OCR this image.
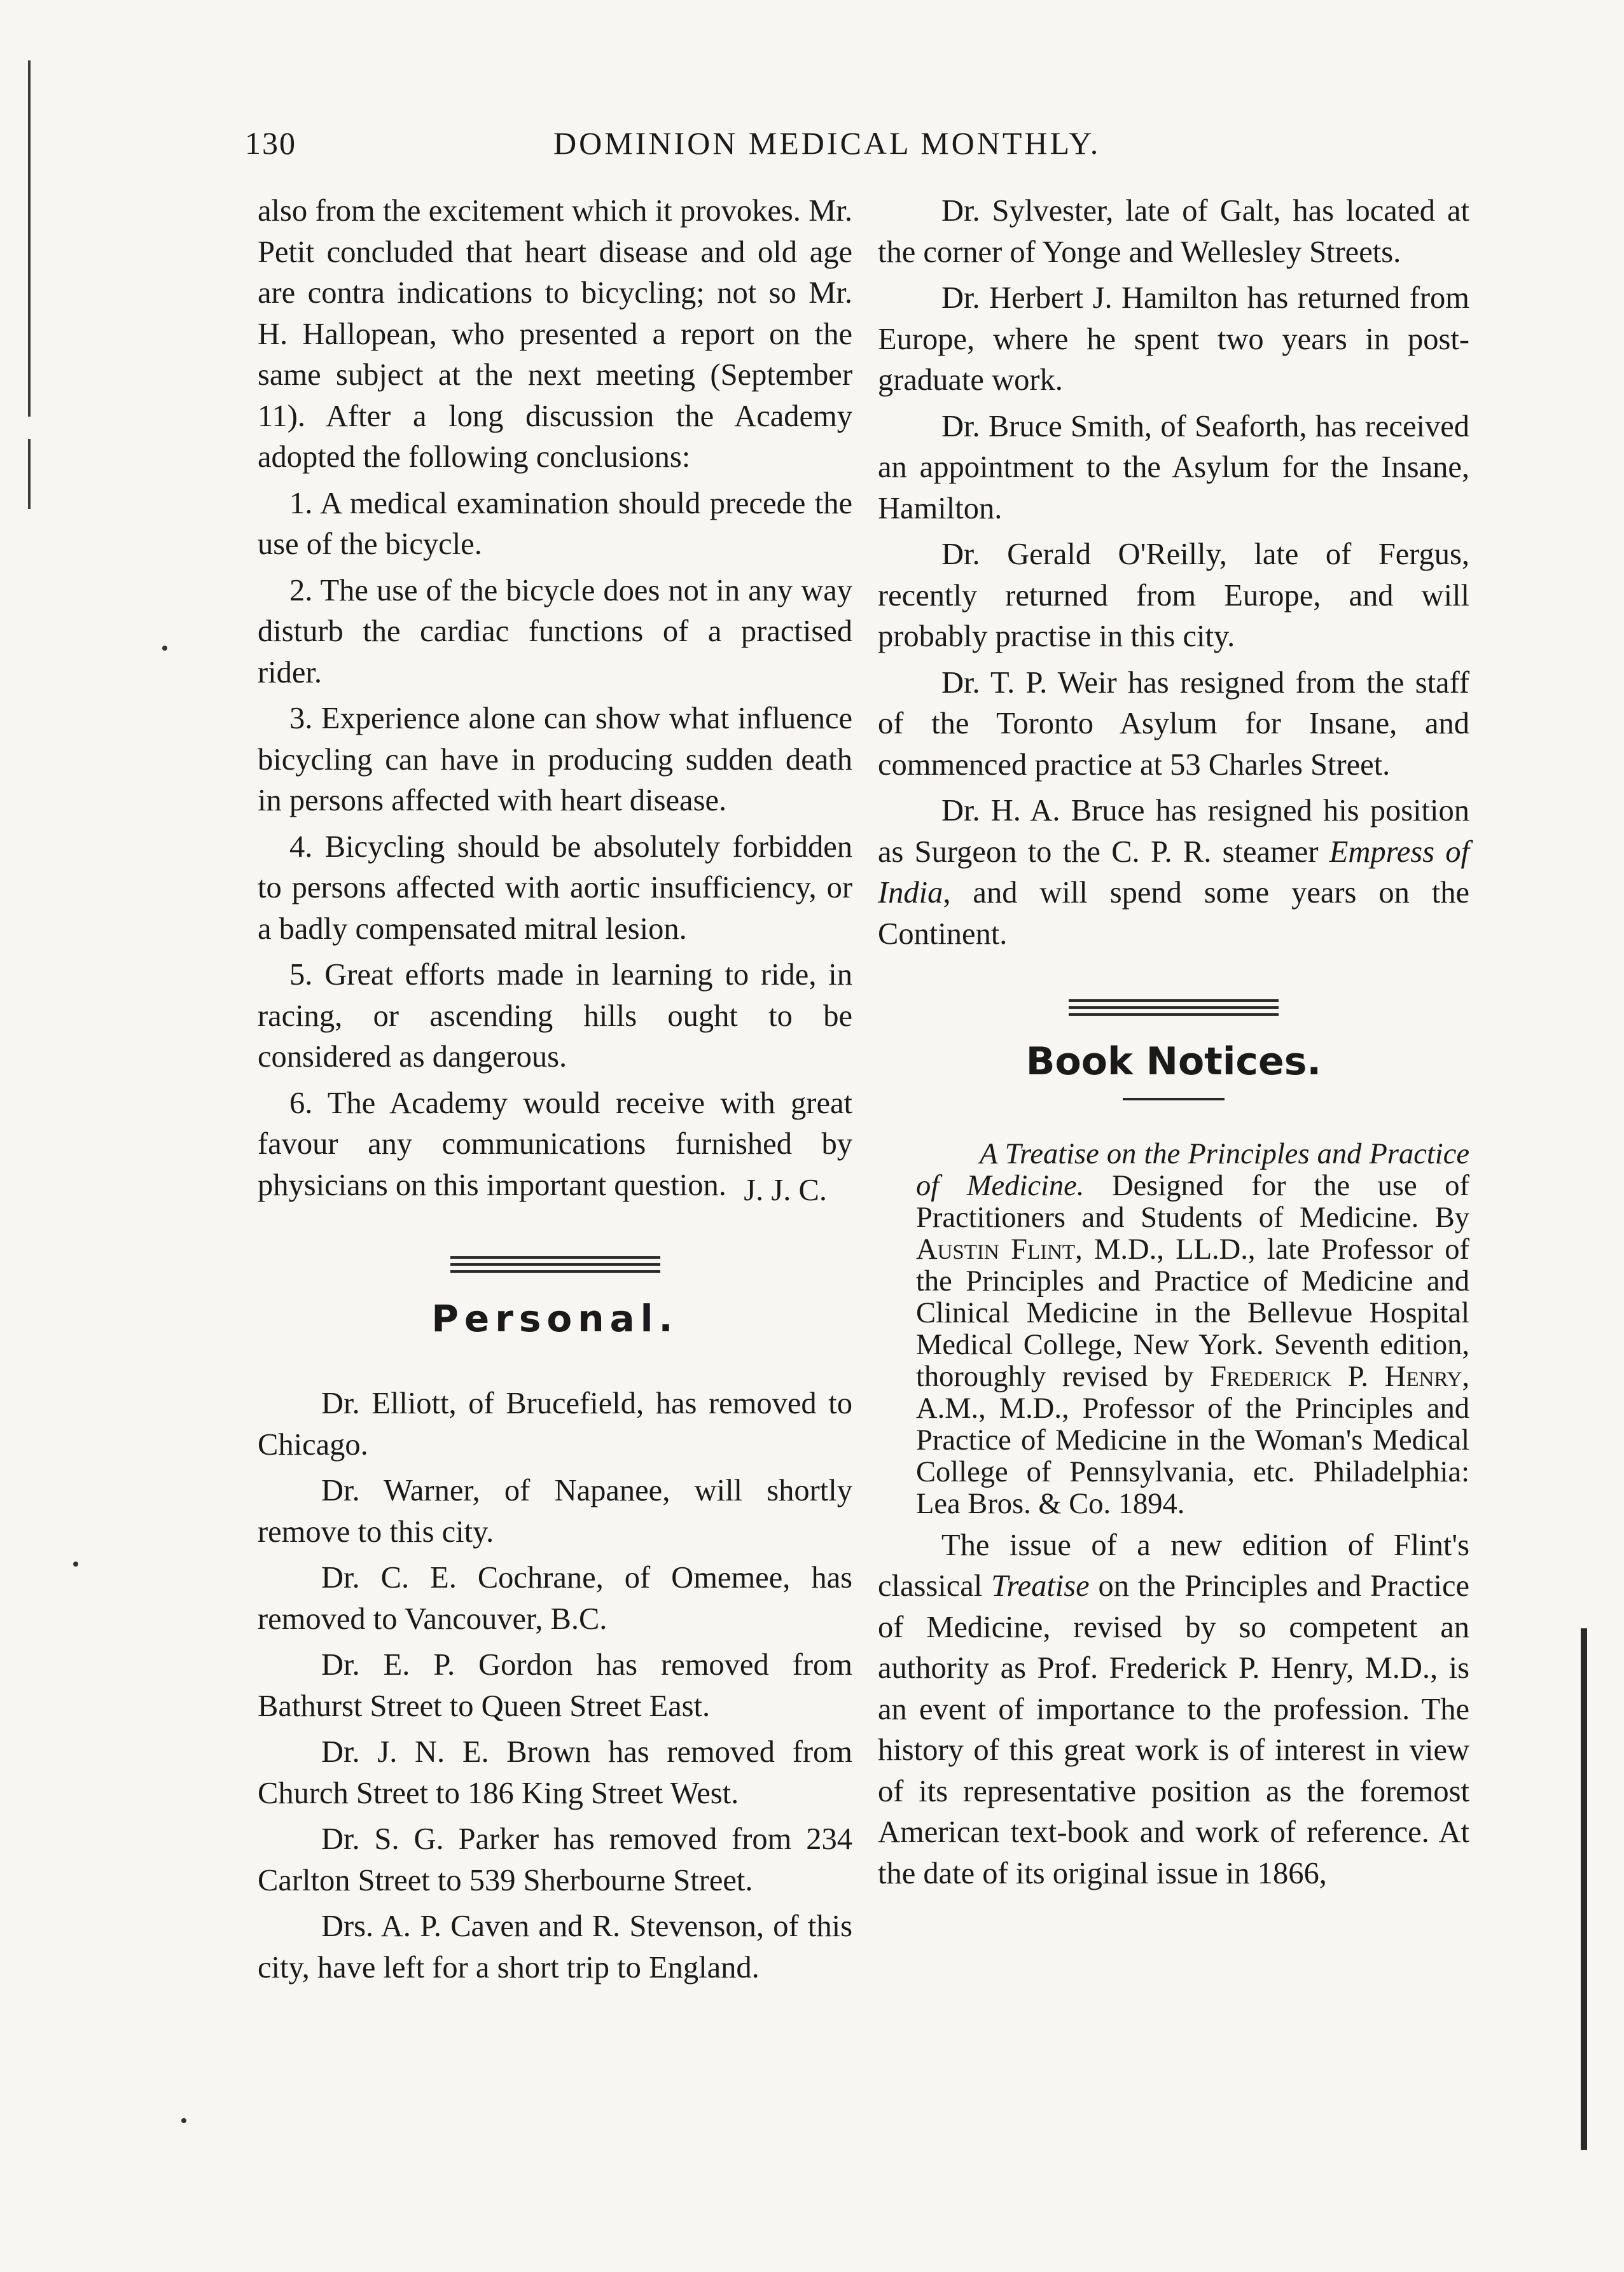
130	DOMINION MEDICAL MONTHLY.

also from the excitement which it provokes. Mr. Petit concluded that heart disease and old age are contra indications to bicycling; not so Mr. H. Hallopean, who presented a report on the same subject at the next meeting (September 11). After a long discussion the Academy adopted the following conclusions:

1. A medical examination should precede the use of the bicycle.

2. The use of the bicycle does not in any way disturb the cardiac functions of a practised rider.

3. Experience alone can show what influence bicycling can have in producing sudden death in persons affected with heart disease.

4. Bicycling should be absolutely forbidden to persons affected with aortic insufficiency, or a badly compensated mitral lesion.

5. Great efforts made in learning to ride, in racing, or ascending hills ought to be considered as dangerous.

6. The Academy would receive with great favour any communications furnished by physicians on this important question. J. J. C.
Personal.

Dr. Elliott, of Brucefield, has removed to Chicago.

Dr. Warner, of Napanee, will shortly remove to this city.

Dr. C. E. Cochrane, of Omemee, has removed to Vancouver, B.C.

Dr. E. P. Gordon has removed from Bathurst Street to Queen Street East.

Dr. J. N. E. Brown has removed from Church Street to 186 King Street West.

Dr. S. G. Parker has removed from 234 Carlton Street to 539 Sherbourne Street.

Drs. A. P. Caven and R. Stevenson, of this city, have left for a short trip to England.

Dr. Sylvester, late of Galt, has located at the corner of Yonge and Wellesley Streets.

Dr. Herbert J. Hamilton has returned from Europe, where he spent two years in post-graduate work.

Dr. Bruce Smith, of Seaforth, has received an appointment to the Asylum for the Insane, Hamilton.

Dr. Gerald O'Reilly, late of Fergus, recently returned from Europe, and will probably practise in this city.

Dr. T. P. Weir has resigned from the staff of the Toronto Asylum for Insane, and commenced practice at 53 Charles Street.

Dr. H. A. Bruce has resigned his position as Surgeon to the C. P. R. steamer Empress of India, and will spend some years on the Continent.

Book Notices.

A Treatise on the Principles and Practice of Medicine. Designed for the use of Practitioners and Students of Medicine. By Austin Flint, M.D., LL.D., late Professor of the Principles and Practice of Medicine and Clinical Medicine in the Bellevue Hospital Medical College, New York. Seventh edition, thoroughly revised by Frederick P. Henry, A.M., M.D., Professor of the Principles and Practice of Medicine in the Woman's Medical College of Pennsylvania, etc. Philadelphia: Lea Bros. & Co. 1894.

The issue of a new edition of Flint's classical Treatise on the Principles and Practice of Medicine, revised by so competent an authority as Prof. Frederick P. Henry, M.D., is an event of importance to the profession. The history of this great work is of interest in view of its representative position as the foremost American text-book and work of reference. At the date of its original issue in 1866,
